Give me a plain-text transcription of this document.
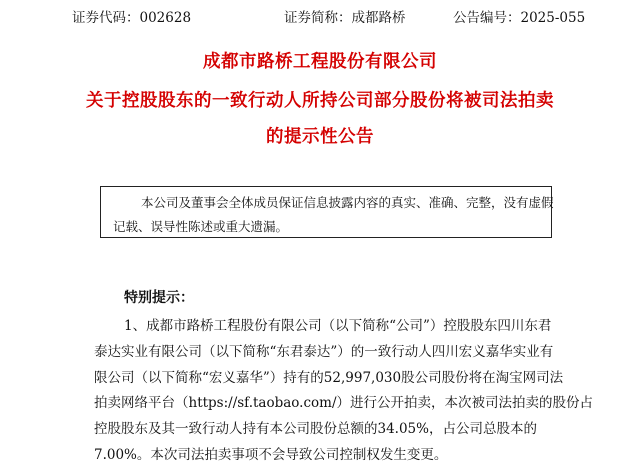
证券代码：002628	证券简称：成都路桥	公告编号：2025-055
成都市路桥工程股份有限公司
关于控股股东的一致行动人所持公司部分股份将被司法拍卖
的提示性公告
本公司及董事会全体成员保证信息披露内容的真实、准确、完整，没有虚假
记载、误导性陈述或重大遗漏。
特别提示：
1、成都市路桥工程股份有限公司（以下简称“公司”）控股股东四川东君
泰达实业有限公司（以下简称“东君泰达”）的一致行动人四川宏义嘉华实业有
限公司（以下简称“宏义嘉华”）持有的52,997,030股公司股份将在淘宝网司法
拍卖网络平台（https://sf.taobao.com/）进行公开拍卖，本次被司法拍卖的股份占
控股股东及其一致行动人持有本公司股份总额的34.05%，占公司总股本的
7.00%。本次司法拍卖事项不会导致公司控制权发生变更。
